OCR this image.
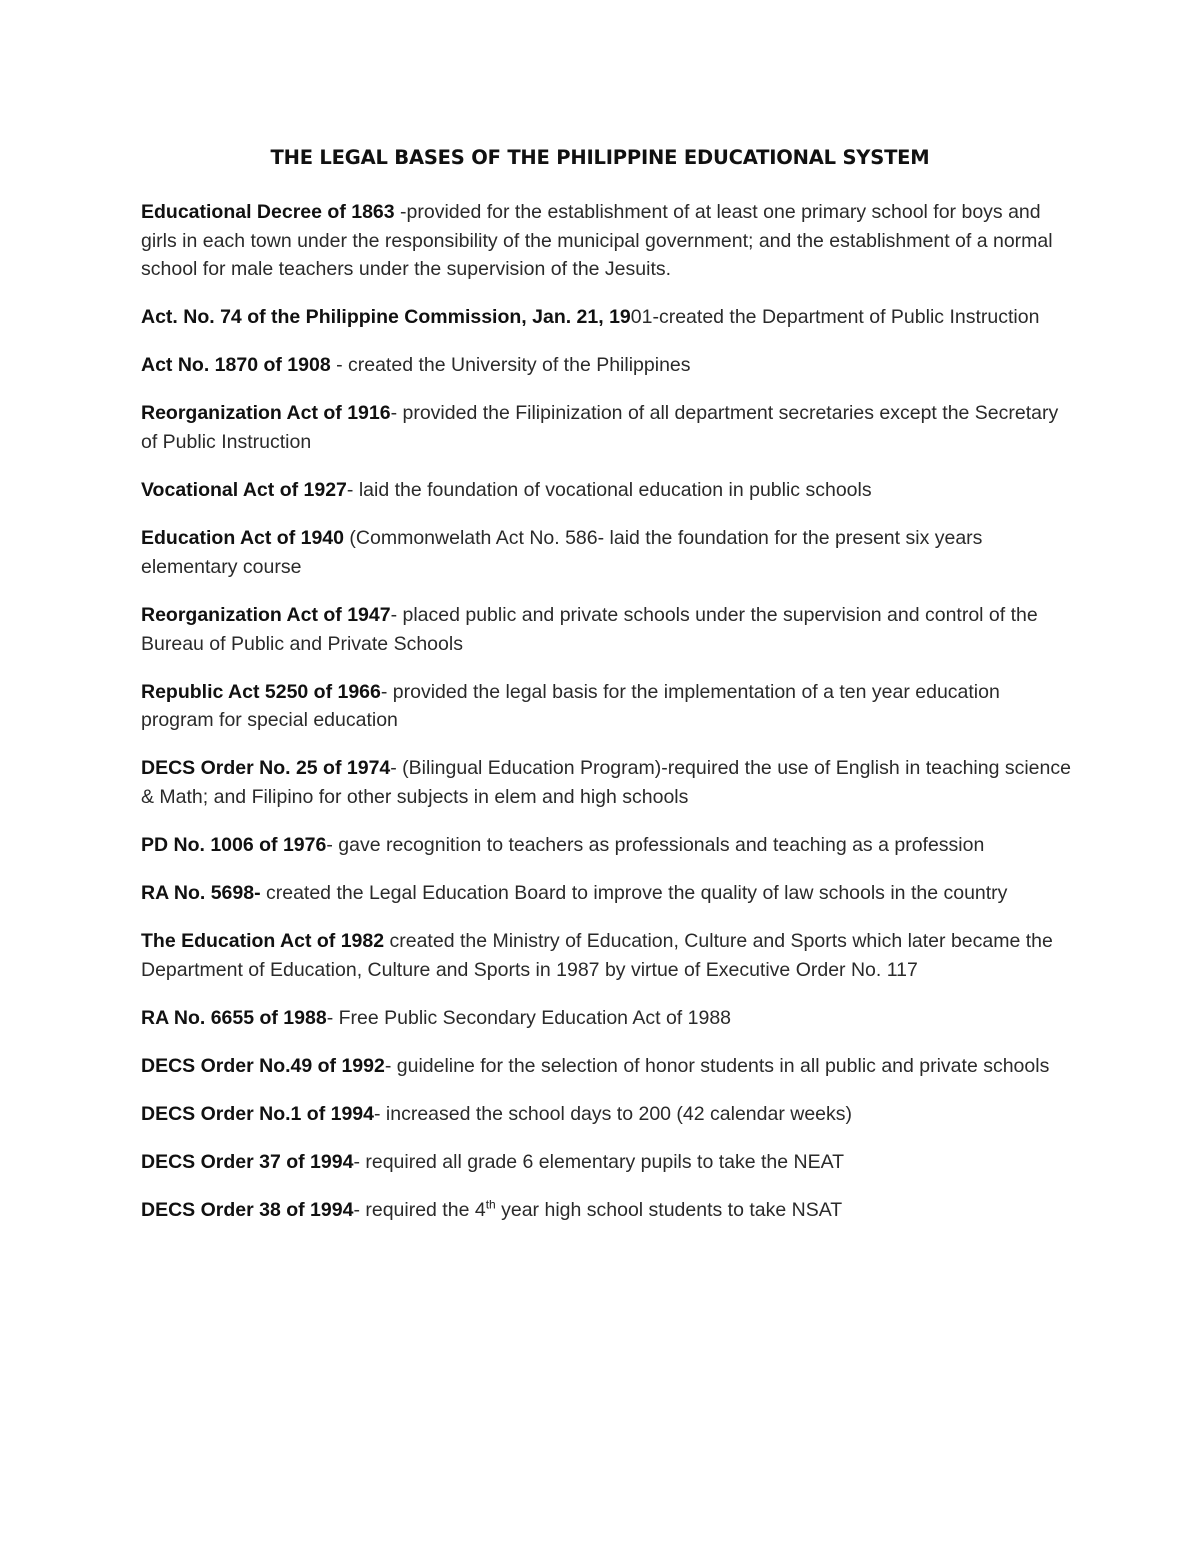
THE LEGAL BASES OF THE PHILIPPINE EDUCATIONAL SYSTEM

Educational Decree of 1863 -provided for the establishment of at least one primary school for boys and girls in each town under the responsibility of the municipal government; and the establishment of a normal school for male teachers under the supervision of the Jesuits.

Act. No. 74 of the Philippine Commission, Jan. 21, 1901-created the Department of Public Instruction

Act No. 1870 of 1908 - created the University of the Philippines

Reorganization Act of 1916- provided the Filipinization of all department secretaries except the Secretary of Public Instruction

Vocational Act of 1927- laid the foundation of vocational education in public schools

Education Act of 1940 (Commonwelath Act No. 586- laid the foundation for the present six years elementary course

Reorganization Act of 1947- placed public and private schools under the supervision and control of the Bureau of Public and Private Schools

Republic Act 5250 of 1966- provided the legal basis for the implementation of a ten year education program for special education

DECS Order No. 25 of 1974- (Bilingual Education Program)-required the use of English in teaching science & Math; and Filipino for other subjects in elem and high schools

PD No. 1006 of 1976- gave recognition to teachers as professionals and teaching as a profession

RA No. 5698- created the Legal Education Board to improve the quality of law schools in the country

The Education Act of 1982 created the Ministry of Education, Culture and Sports which later became the Department of Education, Culture and Sports in 1987 by virtue of Executive Order No. 117

RA No. 6655 of 1988- Free Public Secondary Education Act of 1988

DECS Order No.49 of 1992- guideline for the selection of honor students in all public and private schools

DECS Order No.1 of 1994- increased the school days to 200 (42 calendar weeks)

DECS Order 37 of 1994- required all grade 6 elementary pupils to take the NEAT

DECS Order 38 of 1994- required the 4th year high school students to take NSAT
